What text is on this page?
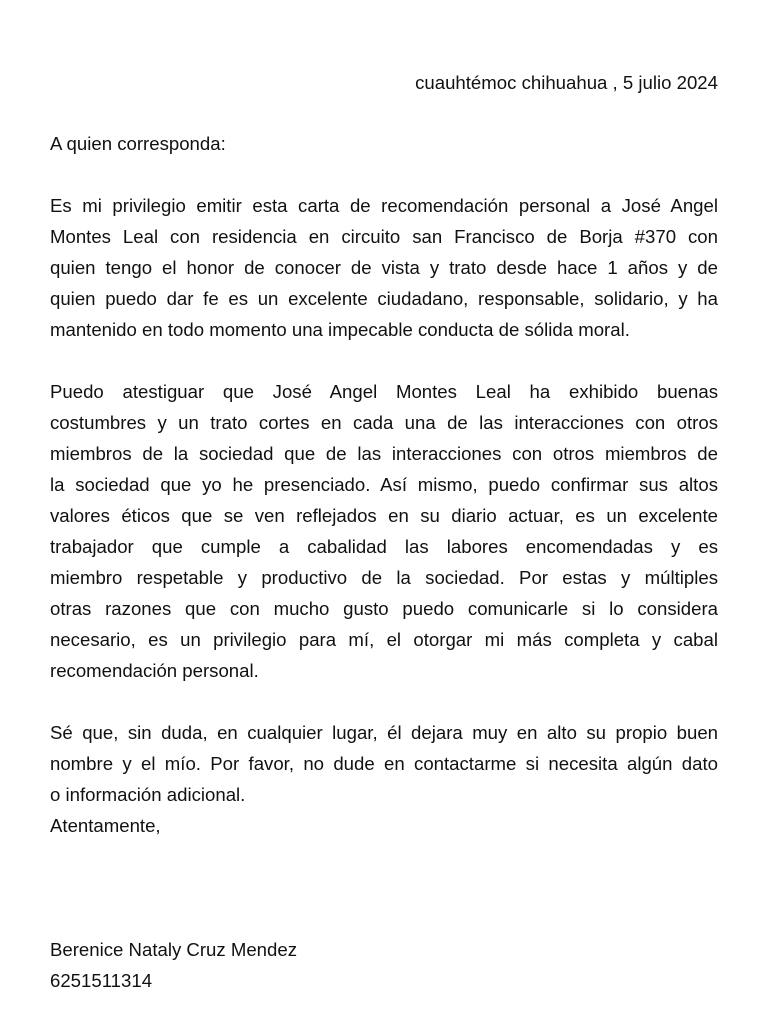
cuauhtémoc chihuahua , 5 julio 2024
A quien corresponda:
Es mi privilegio emitir esta carta de recomendación personal a José Angel
Montes Leal con residencia en circuito san Francisco de Borja #370 con
quien tengo el honor de conocer de vista y trato desde hace 1 años y de
quien puedo dar fe es un excelente ciudadano, responsable, solidario, y ha
mantenido en todo momento una impecable conducta de sólida moral.
Puedo atestiguar que José Angel Montes Leal ha exhibido buenas
costumbres y un trato cortes en cada una de las interacciones con otros
miembros de la sociedad que de las interacciones con otros miembros de
la sociedad que yo he presenciado. Así mismo, puedo confirmar sus altos
valores éticos que se ven reflejados en su diario actuar, es un excelente
trabajador que cumple a cabalidad las labores encomendadas y es
miembro respetable y productivo de la sociedad. Por estas y múltiples
otras razones que con mucho gusto puedo comunicarle si lo considera
necesario, es un privilegio para mí, el otorgar mi más completa y cabal
recomendación personal.
Sé que, sin duda, en cualquier lugar, él dejara muy en alto su propio buen
nombre y el mío. Por favor, no dude en contactarme si necesita algún dato
o información adicional.
Atentamente,
Berenice Nataly Cruz Mendez
6251511314
